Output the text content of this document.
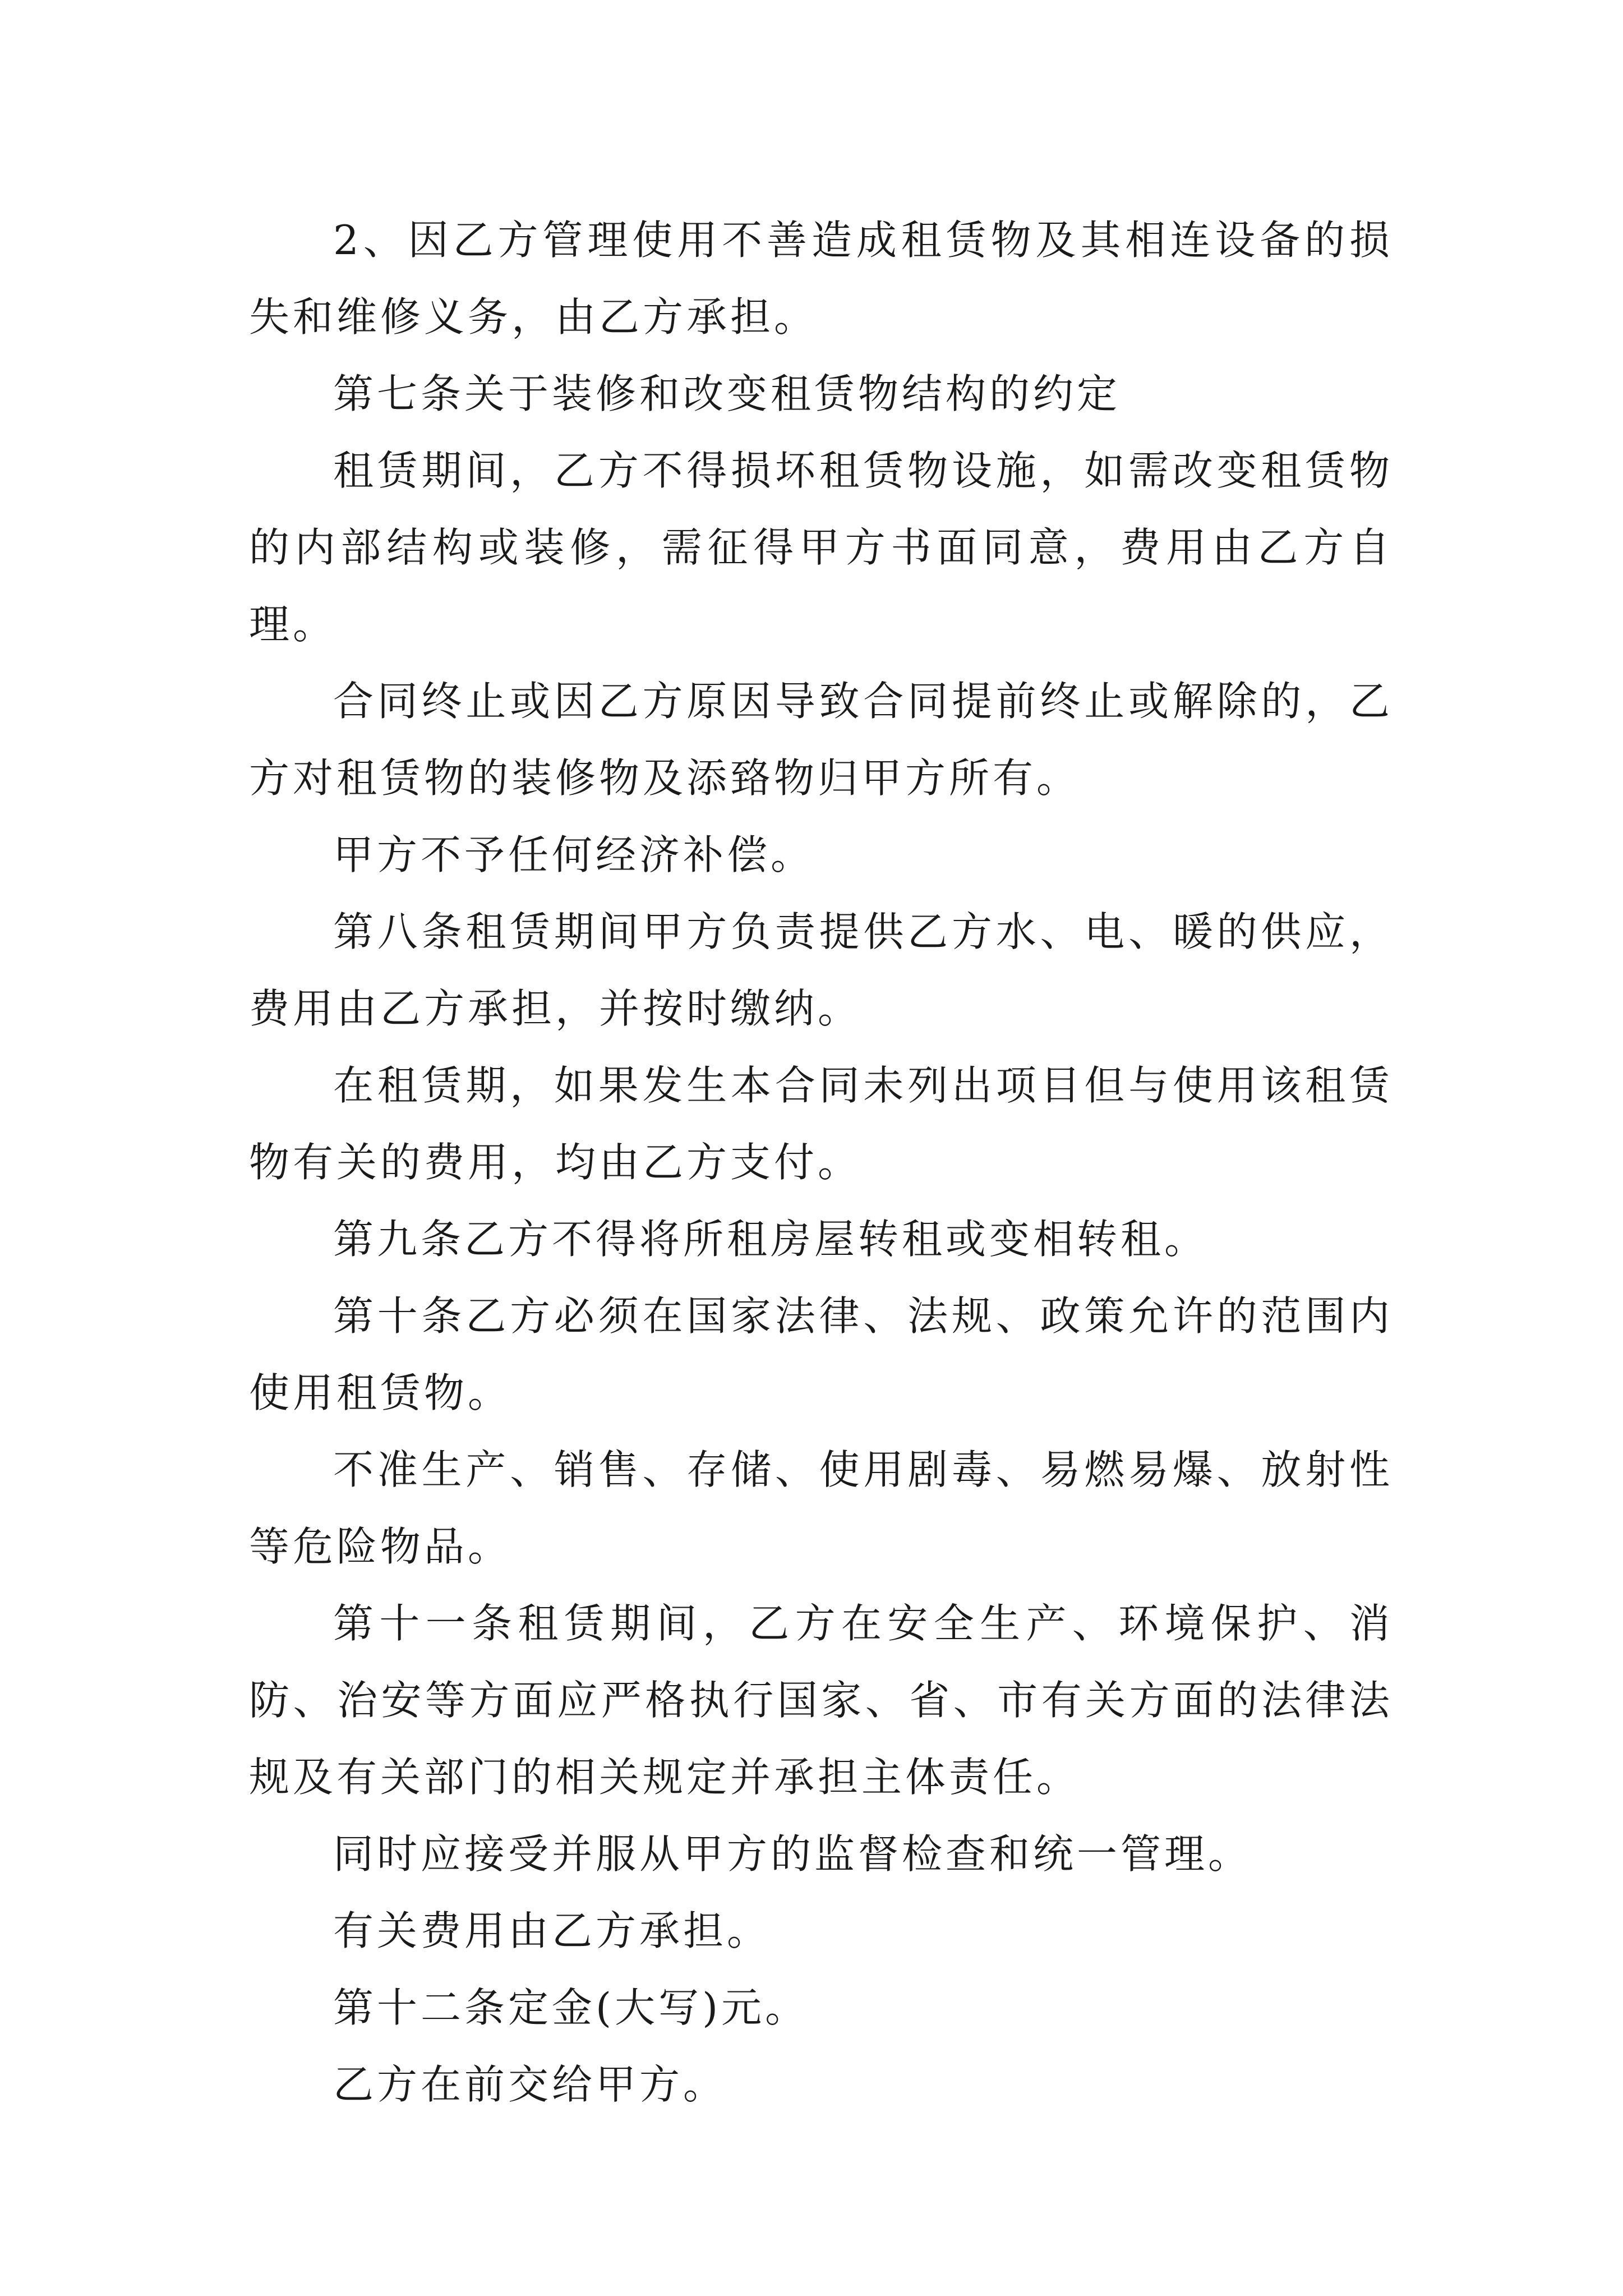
2、因乙方管理使用不善造成租赁物及其相连设备的损失和维修义务，由乙方承担。

第七条关于装修和改变租赁物结构的约定

租赁期间，乙方不得损坏租赁物设施，如需改变租赁物的内部结构或装修，需征得甲方书面同意，费用由乙方自理。

合同终止或因乙方原因导致合同提前终止或解除的，乙方对租赁物的装修物及添臵物归甲方所有。

甲方不予任何经济补偿。

第八条租赁期间甲方负责提供乙方水、电、暖的供应，费用由乙方承担，并按时缴纳。

在租赁期，如果发生本合同未列出项目但与使用该租赁物有关的费用，均由乙方支付。

第九条乙方不得将所租房屋转租或变相转租。

第十条乙方必须在国家法律、法规、政策允许的范围内使用租赁物。

不准生产、销售、存储、使用剧毒、易燃易爆、放射性等危险物品。

第十一条租赁期间，乙方在安全生产、环境保护、消防、治安等方面应严格执行国家、省、市有关方面的法律法规及有关部门的相关规定并承担主体责任。

同时应接受并服从甲方的监督检查和统一管理。

有关费用由乙方承担。

第十二条定金(大写)元。

乙方在前交给甲方。
